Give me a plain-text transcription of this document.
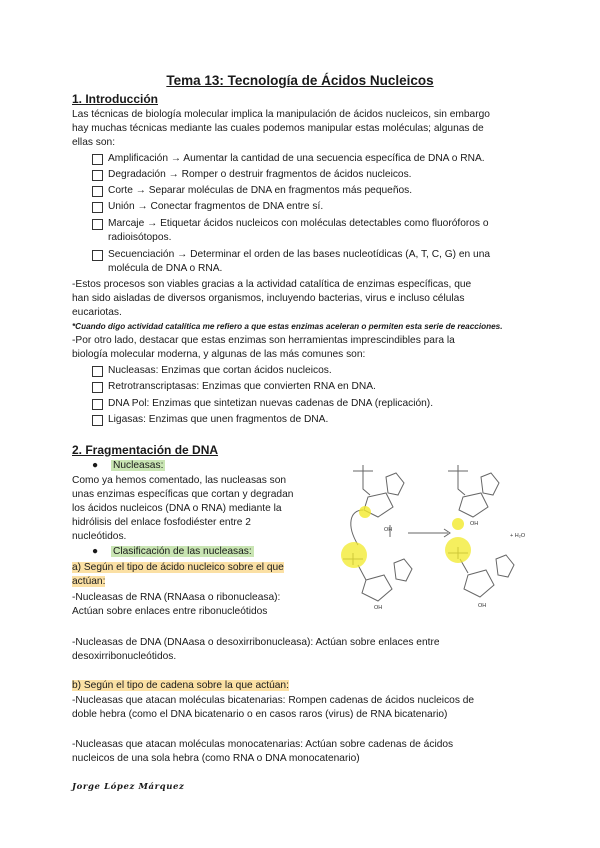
Tema 13: Tecnología de Ácidos Nucleicos
1. Introducción
Las técnicas de biología molecular implica la manipulación de ácidos nucleicos, sin embargo
hay muchas técnicas mediante las cuales podemos manipular estas moléculas; algunas de
ellas son:
Amplificación → Aumentar la cantidad de una secuencia específica de DNA o RNA.
Degradación → Romper o destruir fragmentos de ácidos nucleicos.
Corte → Separar moléculas de DNA en fragmentos más pequeños.
Unión → Conectar fragmentos de DNA entre sí.
Marcaje → Etiquetar ácidos nucleicos con moléculas detectables como fluoróforos o
radioisótopos.
Secuenciación → Determinar el orden de las bases nucleotídicas (A, T, C, G) en una
molécula de DNA o RNA.
-Estos procesos son viables gracias a la actividad catalítica de enzimas específicas, que
han sido aisladas de diversos organismos, incluyendo bacterias, virus e incluso células
eucariotas.
*Cuando digo actividad catalítica me refiero a que estas enzimas aceleran o permiten esta serie de reacciones.
-Por otro lado, destacar que estas enzimas son herramientas imprescindibles para la
biología molecular moderna, y algunas de las más comunes son:
Nucleasas: Enzimas que cortan ácidos nucleicos.
Retrotranscriptasas: Enzimas que convierten RNA en DNA.
DNA Pol: Enzimas que sintetizan nuevas cadenas de DNA (replicación).
Ligasas: Enzimas que unen fragmentos de DNA.
2. Fragmentación de DNA
● Nucleasas:
Como ya hemos comentado, las nucleasas son
unas enzimas específicas que cortan y degradan
los ácidos nucleicos (DNA o RNA) mediante la
hidrólisis del enlace fosfodiéster entre 2
nucleótidos.
● Clasificación de las nucleasas:
a) Según el tipo de ácido nucleico sobre el que
actúan:
-Nucleasas de RNA (RNAasa o ribonucleasa):
Actúan sobre enlaces entre ribonucleótidos
-Nucleasas de DNA (DNAasa o desoxirribonucleasa): Actúan sobre enlaces entre
desoxirribonucleótidos.
b) Según el tipo de cadena sobre la que actúan:
-Nucleasas que atacan moléculas bicatenarias: Rompen cadenas de ácidos nucleicos de
doble hebra (como el DNA bicatenario o en casos raros (virus) de RNA bicatenario)
-Nucleasas que atacan moléculas monocatenarias: Actúan sobre cadenas de ácidos
nucleicos de una sola hebra (como RNA o DNA monocatenario)
Jorge López Márquez
OH
OH
OH
OH
+ H₂O
